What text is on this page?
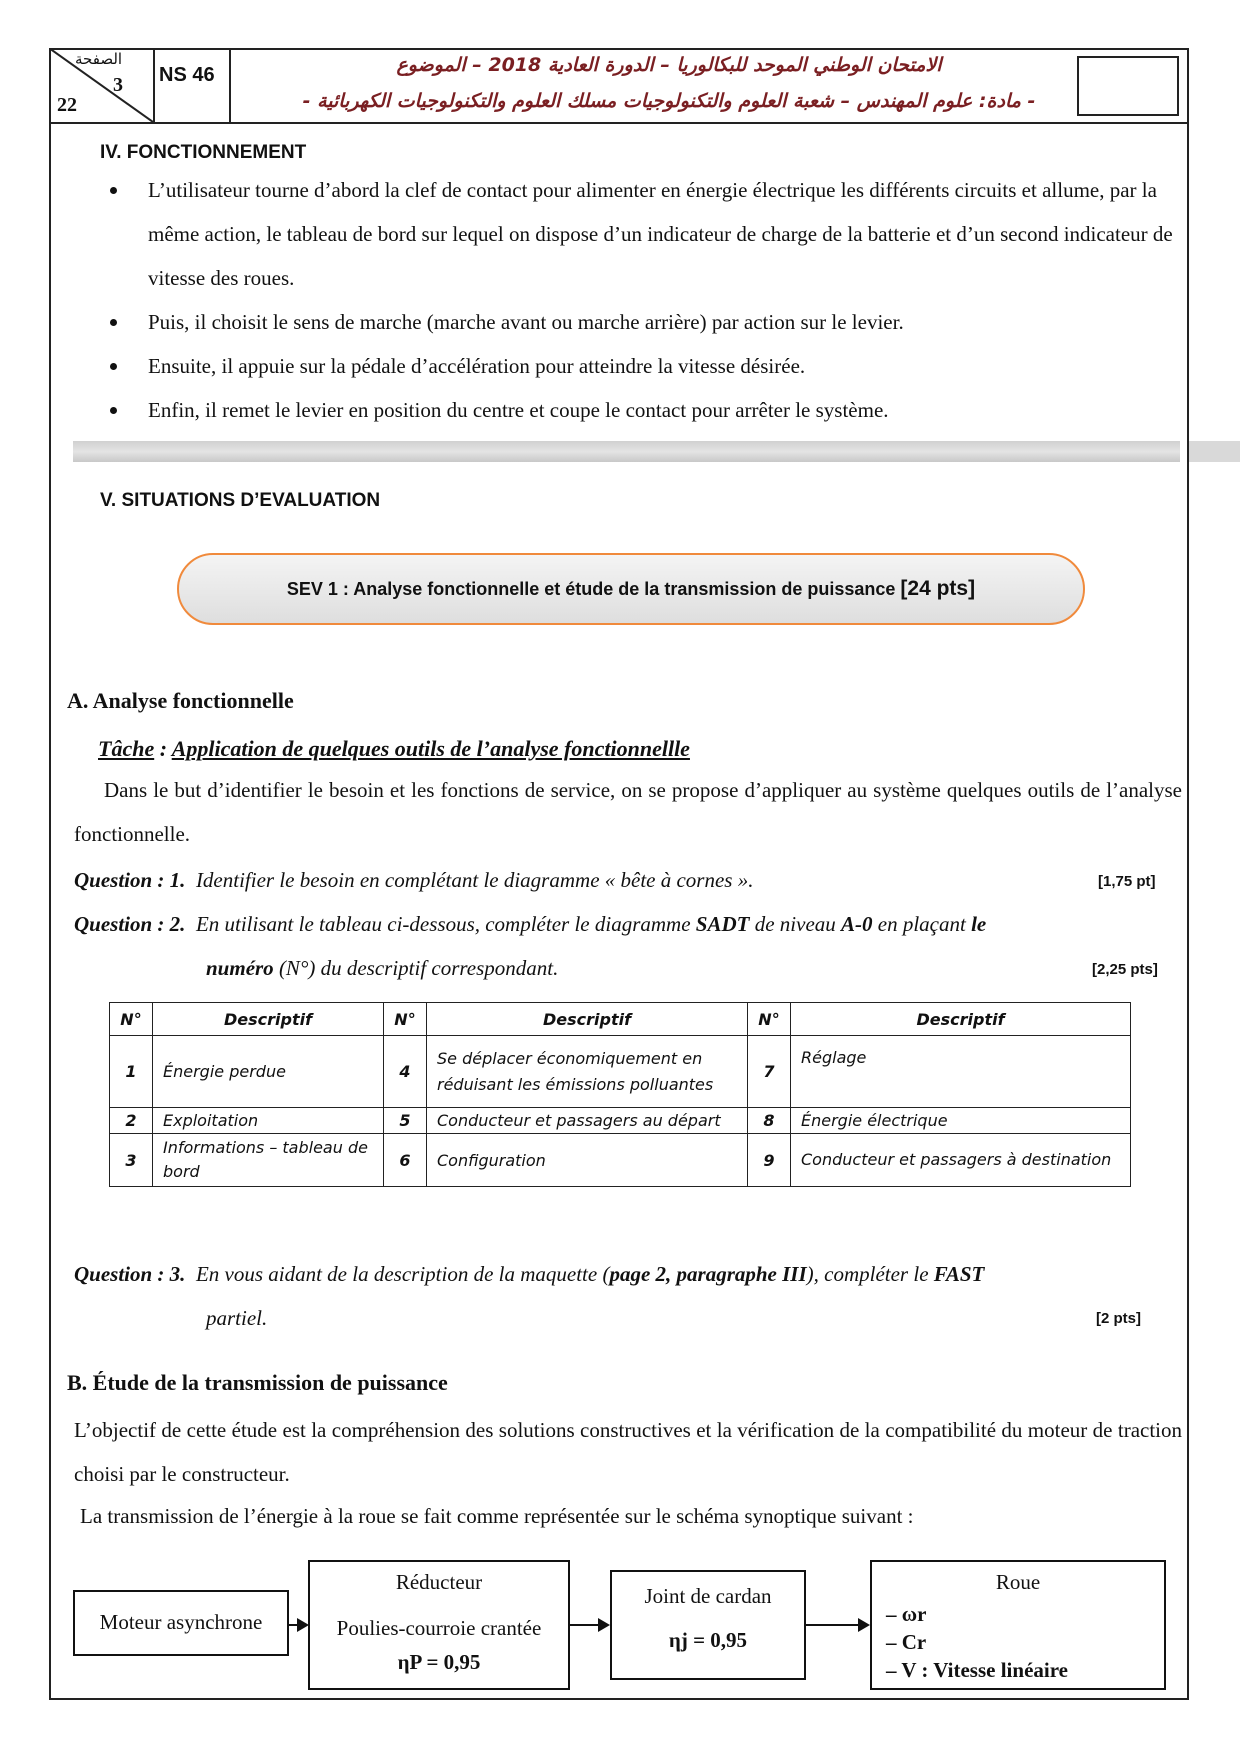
الصفحة
3
22
NS 46	الامتحان الوطني الموحد للبكالوريا – الدورة العادية 2018 – الموضوع
- مادة: علوم المهندس – شعبة العلوم والتكنولوجيات مسلك العلوم والتكنولوجيات الكهربائية -
IV. FONCTIONNEMENT
L’utilisateur tourne d’abord la clef de contact pour alimenter en énergie électrique les différents circuits et allume, par la même action, le tableau de bord sur lequel on dispose d’un indicateur de charge de la batterie et d’un second indicateur de vitesse des roues.
Puis, il choisit le sens de marche (marche avant ou marche arrière) par action sur le levier.
Ensuite, il appuie sur la pédale d’accélération pour atteindre la vitesse désirée.
Enfin, il remet le levier en position du centre et coupe le contact pour arrêter le système.
V. SITUATIONS D’EVALUATION
SEV 1 : Analyse fonctionnelle et étude de la transmission de puissance [24 pts]
A. Analyse fonctionnelle
Tâche : Application de quelques outils de l’analyse fonctionnellle
Dans le but d’identifier le besoin et les fonctions de service, on se propose d’appliquer au système quelques outils de l’analyse fonctionnelle.
Question : 1. Identifier le besoin en complétant le diagramme « bête à cornes ».	[1,75 pt]
Question : 2. En utilisant le tableau ci-dessous, compléter le diagramme SADT de niveau A-0 en plaçant le
numéro (N°) du descriptif correspondant.	[2,25 pts]
N°	Descriptif	N°	Descriptif	N°	Descriptif
1	Énergie perdue	4	Se déplacer économiquement en réduisant les émissions polluantes	7	Réglage
2	Exploitation	5	Conducteur et passagers au départ	8	Énergie électrique
3	Informations – tableau de bord	6	Configuration	9	Conducteur et passagers à destination
Question : 3. En vous aidant de la description de la maquette (page 2, paragraphe III), compléter le FAST
partiel.	[2 pts]
B. Étude de la transmission de puissance
L’objectif de cette étude est la compréhension des solutions constructives et la vérification de la compatibilité du moteur de traction choisi par le constructeur.
La transmission de l’énergie à la roue se fait comme représentée sur le schéma synoptique suivant :
Moteur asynchrone
Réducteur
Poulies-courroie crantée
ηP = 0,95
Joint de cardan
ηj = 0,95
Roue
– ωr
– Cr
– V : Vitesse linéaire
